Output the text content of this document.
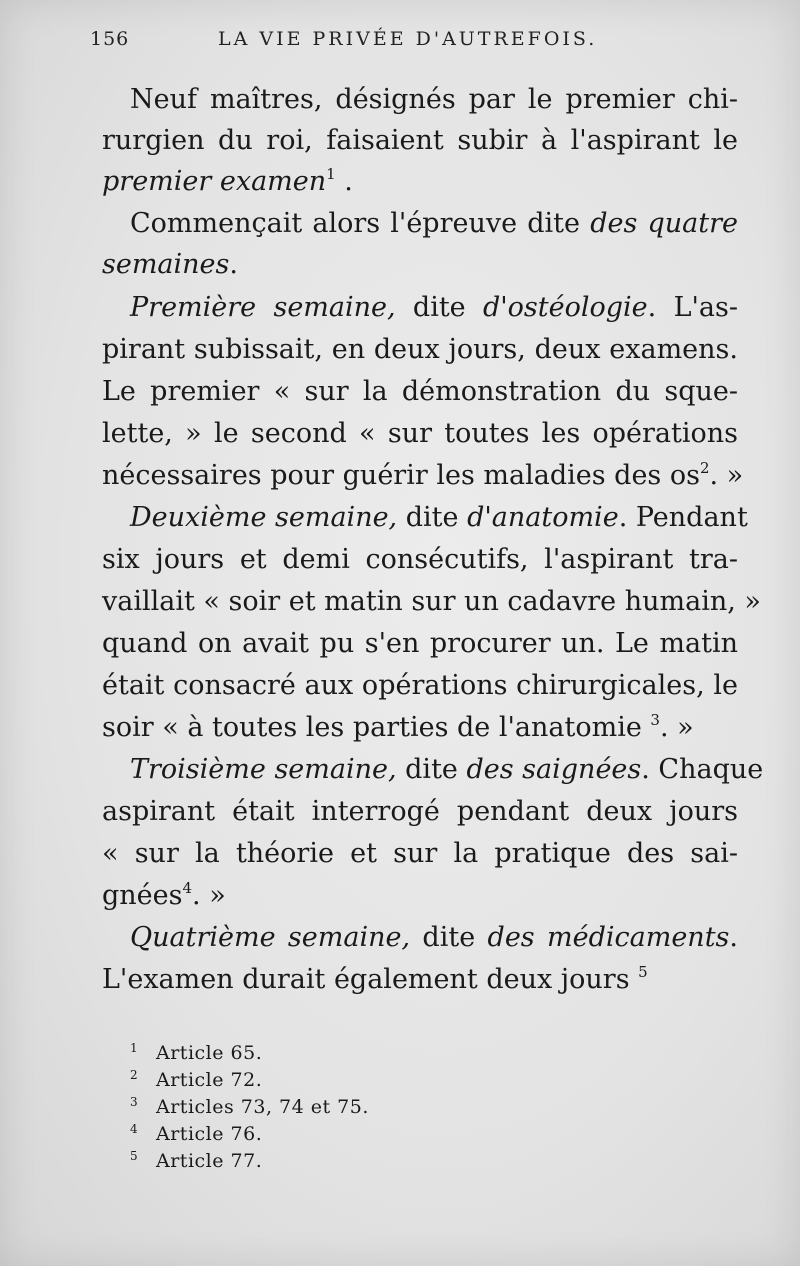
156	LA VIE PRIVÉE D'AUTREFOIS.
Neuf maîtres, désignés par le premier chi-
rurgien du roi, faisaient subir à l'aspirant le
premier examen$^1$ .
Commençait alors l'épreuve dite des quatre
semaines.
Première semaine, dite d'ostéologie. L'as-
pirant subissait, en deux jours, deux examens.
Le premier « sur la démonstration du sque-
lette, » le second « sur toutes les opérations
nécessaires pour guérir les maladies des os$^2$. »
Deuxième semaine, dite d'anatomie. Pendant
six jours et demi consécutifs, l'aspirant tra-
vaillait « soir et matin sur un cadavre humain, »
quand on avait pu s'en procurer un. Le matin
était consacré aux opérations chirurgicales, le
soir « à toutes les parties de l'anatomie $^3$. »
Troisième semaine, dite des saignées. Chaque
aspirant était interrogé pendant deux jours
« sur la théorie et sur la pratique des sai-
gnées$^4$. »
Quatrième semaine, dite des médicaments.
L'examen durait également deux jours $^5$
1 Article 65.
2 Article 72.
3 Articles 73, 74 et 75.
4 Article 76.
5 Article 77.
